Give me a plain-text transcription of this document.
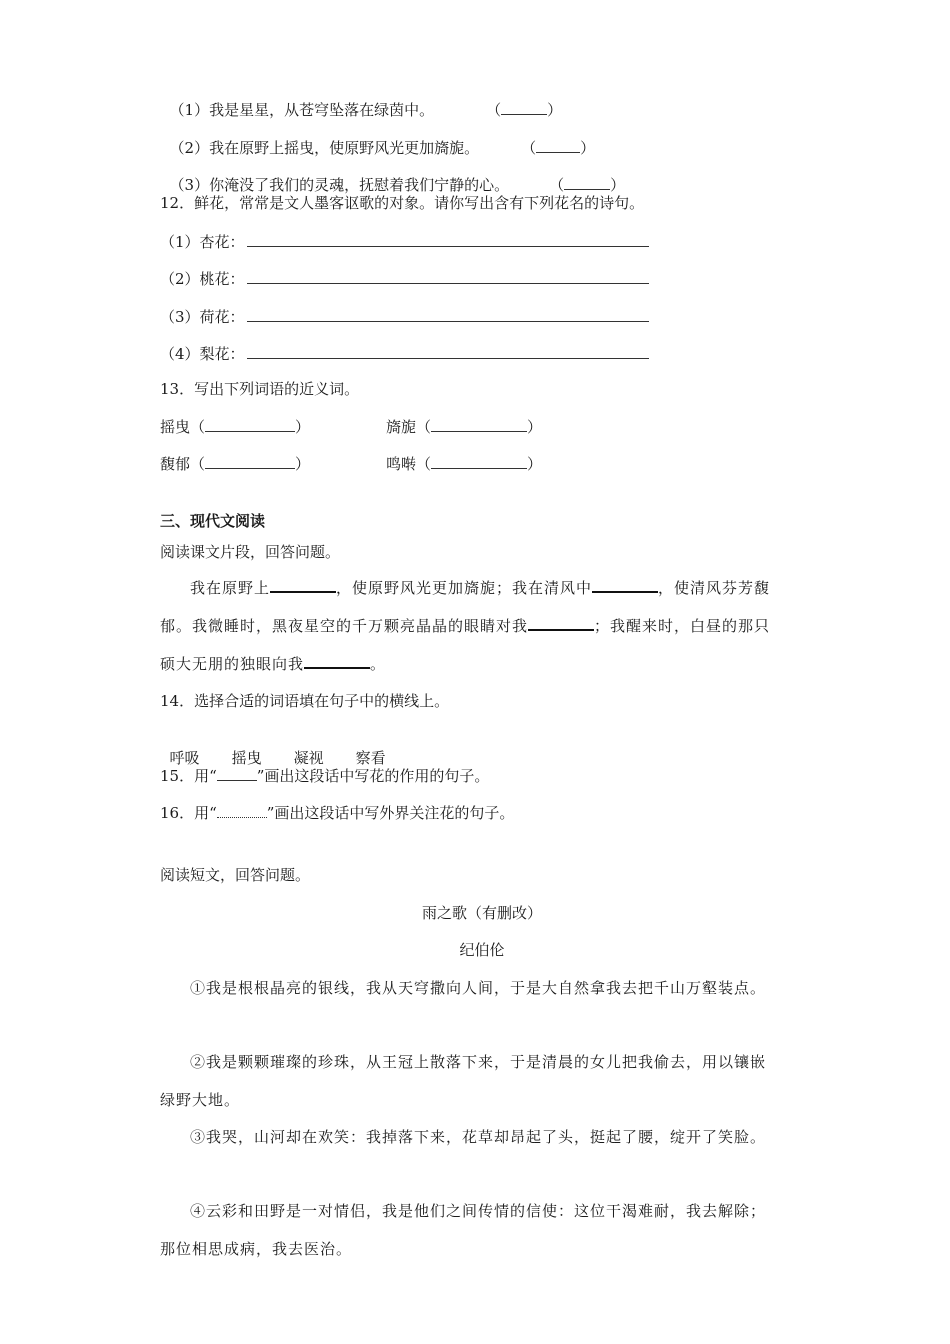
（1）我是星星，从苍穹坠落在绿茵中。	（	）

（2）我在原野上摇曳，使原野风光更加旖旎。	（	）

（3）你淹没了我们的灵魂，抚慰着我们宁静的心。	（	）

12．鲜花，常常是文人墨客讴歌的对象。请你写出含有下列花名的诗句。
（1）杏花：
（2）桃花：
（3）荷花：
（4）梨花：
13．写出下列词语的近义词。
摇曳（	）	旖旎（	）
馥郁（	）	鸣啭（	）
三、现代文阅读
阅读课文片段，回答问题。
我在原野上	，使原野风光更加旖旎；我在清风中	，使清风芬芳馥郁。我微睡时，黑夜星空的千万颗亮晶晶的眼睛对我	；我醒来时，白昼的那只硕大无朋的独眼向我	。
14．选择合适的词语填在句子中的横线上。

呼吸 摇曳 凝视 察看

15．用“	”画出这段话中写花的作用的句子。
16．用“	”画出这段话中写外界关注花的句子。
阅读短文，回答问题。
雨之歌（有删改）
纪伯伦
①我是根根晶亮的银线，我从天穹撒向人间，于是大自然拿我去把千山万壑装点。
②我是颗颗璀璨的珍珠，从王冠上散落下来，于是清晨的女儿把我偷去，用以镶嵌绿野大地。
③我哭，山河却在欢笑：我掉落下来，花草却昂起了头，挺起了腰，绽开了笑脸。
④云彩和田野是一对情侣，我是他们之间传情的信使：这位干渴难耐，我去解除；那位相思成病，我去医治。
